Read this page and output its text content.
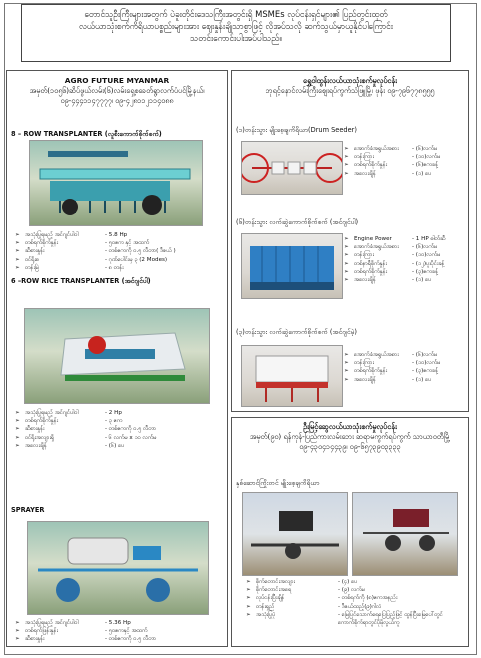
တောင်သူဦးကြီးများအတွက် ပဲခူးတိုင်းဒေသကြီးအတွင်းရှိ MSMEs လုပ်ငန်းရှင်များ၏ ပြည်တွင်းထုတ်
လယ်ယာသုံးစက်ကိရိယာပစ္စည်းများအား ဈေးနှုန်းချိုသာစွာဖြင့် လိုအပ်သလို ဆက်သွယ်မှာယူနိုင်ပါကြောင်း
သတင်းကောင်းပါးအပ်ပါသည်။
AGRO FUTURE MYANMAR
အမှတ်(၁၀၅၆)ဆိပ်ဖွယ်လမ်း(၆)လမ်းရှေ့စခေတ်ရွာလက်ပံပင်မြို့နယ်၊
၀၉-၄၄၄၁၁၄၇၇၇၇၊ ၀၉-၄၂၈၁၁၂၁၁၄၀၈၈
8 – ROW TRANSPLANTER (လူစီးကောက်စိုက်စက်)
➢ အသုံးပြုရမည့် အင်ဂျင်ပါဝါ	- 5.8 Hp
➢ တစ်ရက်စိုက်နှုန်း	- ၅၀ဧက နှင့် အထက်
➢ ဆီစားနှုန်း	- တစ်ဧကကို ၀.၅ လီတာ( ဒီဇယ် )
➢ ဝင်ရိုးစ	- ဂုဏ်ပေါင်းမှ ၃ (2 Modes)
➢ တန်းမြဲ	- ၈ တန်း
6 –ROW RICE TRANSPLANTER (အင်ဂျင်ပါ)
➢ အသုံးပြုရမည့် အင်ဂျင်ပါဝါ	- 2 Hp
➢ တစ်ရက်စိုက်နှုန်း	- ၃ ဧက
➢ ဆီစားနှုန်း	- တစ်ဧကကို ၀.၅ လီတာ
➢ ဝင်ရိုးအလျားရှိ	- ၆ လက်မ x ၁၀ လက်မ
➢ အလေးချိန်	- (၆) ပေ
SPRAYER
➢ အသုံးပြုရမည့် အင်ဂျင်ပါဝါ	- 5.36 Hp
➢ တစ်ရက်ဖြန်းနှုန်း	- ၅၀ဧကနှင့် အထက်
➢ ဆီစားနှုန်း	- တစ်ဧကကို ၀.၅ လီတာ
ရွှေဝါထွန်းလယ်ယာသုံးစက်မှုလုပ်ငန်း
ဘုရင့်နောင်လမ်းကြီးဈေးရပ်ကွက်သံဖြူမြို့၊ ဖုန်း ၀၉-၇၉၆၇၇၈၅၅၅
(၁)တန်းသွား မျိုးစေ့ချကိရိယာ(Drum Seeder)
➢ အောက်ခံအရွယ်အစား	- (၆)လက်မ
➢ တန်းကြား	- (၁၀)လက်မ
➢ တစ်ရက်စိုက်နှုန်း	- (၆)ဧကခန့်
➢ အလေးချိန်	- (၁) ပေ
(၆)တန်းသွား လက်ဆွဲကောက်စိုက်စက် (အင်ဂျင်ပါ)
➢ Engine Power	- 1 HP ဓါတ်ဆီ
➢ အောက်ခံအရွယ်အစား	- (၆)လက်မ
➢ တန်းကြား	- (၁၀)လက်မ
➢ တစ်နာရီစိုက်နှုန်း	- (၁၂)ပူးပိုင်းခန့်
➢ တစ်ရက်စိုက်နှုန်း	- (၃)ဧကခန့်
➢ အလေးချိန်	- (၁) ပေ
(၃)တန်းသွား လက်ဆွဲကောက်စိုက်စက် (အင်ဂျင်မဲ့)
➢ အောက်ခံအရွယ်အစား	- (၆)လက်မ
➢ တန်းကြား	- (၁၀)လက်မ
➢ တစ်ရက်စိုက်နှုန်း	- (၃)ဧကခန့်
➢ အလေးချိန်	- (၁) ပေ
ဦးမြင့်ဆွေလယ်ယာသုံးစက်မှုလုပ်ငန်း
အမှတ်(၉၀) ရန်ကုန်-ပြည်ကားလမ်းဘေး ဆရာမကွက်ရပ်ကွက် သာယာဝတီမြို့
၀၉-၄၃၀၄၁၄၄၃၉၊ ၀၉-၆၅၇၃၉၀၃၃၃၃
နှစ်ဆောင်ကြိုးတင် မျိုးစေ့ချကိရိယာ
➢ စိုက်တောင်းအလျား	- (၄) ပေ
➢ စိုက်တောင်းအရေ	- (၉) လက်မ
➢ လုပ်ငန်းပြီးချိန်	- တစ်ရက်ကို (၈)ဧကအနည်း
➢ တန်းရှည်	- ဒီဇယ်ထည့်(၉)ဂါလံ
➢ အသုံးပြုပုံ	- မြေပြင်သောက်ရေပြေပြည့်ဖြင့် ထွန်ပြီးမြေပေါ်တွင်
ကောက်စိုက်ရာတွင်ပိုမိုလွယ်ကူ
